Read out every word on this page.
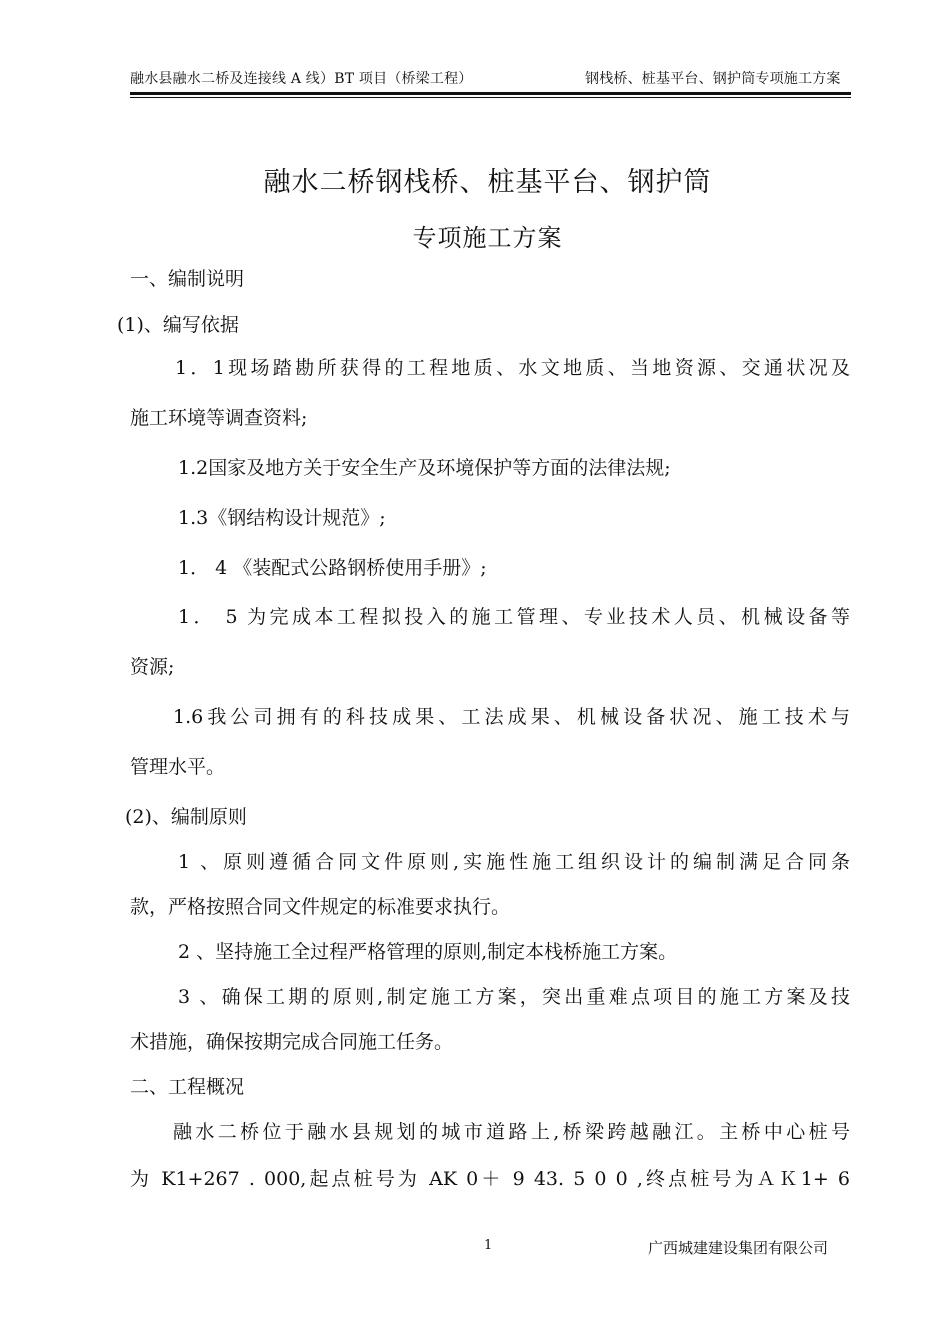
融水县融水二桥及连接线 A 线）BT 项目（桥梁工程）	钢栈桥、桩基平台、钢护筒专项施工方案
融水二桥钢栈桥、桩基平台、钢护筒
专项施工方案
一、编制说明
(1)、编写依据
1．1现场踏勘所获得的工程地质、水文地质、当地资源、交通状况及
施工环境等调查资料;
1.2国家及地方关于安全生产及环境保护等方面的法律法规;
1.3《钢结构设计规范》;
1． 4 《装配式公路钢桥使用手册》;
1． 5 为完成本工程拟投入的施工管理、专业技术人员、机械设备等
资源;
1.6我公司拥有的科技成果、工法成果、机械设备状况、施工技术与
管理水平。
(2)、编制原则
1 、原则遵循合同文件原则,实施性施工组织设计的编制满足合同条
款，严格按照合同文件规定的标准要求执行。
2 、坚持施工全过程严格管理的原则,制定本栈桥施工方案。
3 、确保工期的原则,制定施工方案，突出重难点项目的施工方案及技
术措施，确保按期完成合同施工任务。
二、工程概况
融水二桥位于融水县规划的城市道路上,桥梁跨越融江。主桥中心桩号
为 K1+267 . 000,起点桩号为 AK 0＋ 9 43. 5 0 0 ,终点桩号为ＡＫ1+ 6
1	广西城建建设集团有限公司
